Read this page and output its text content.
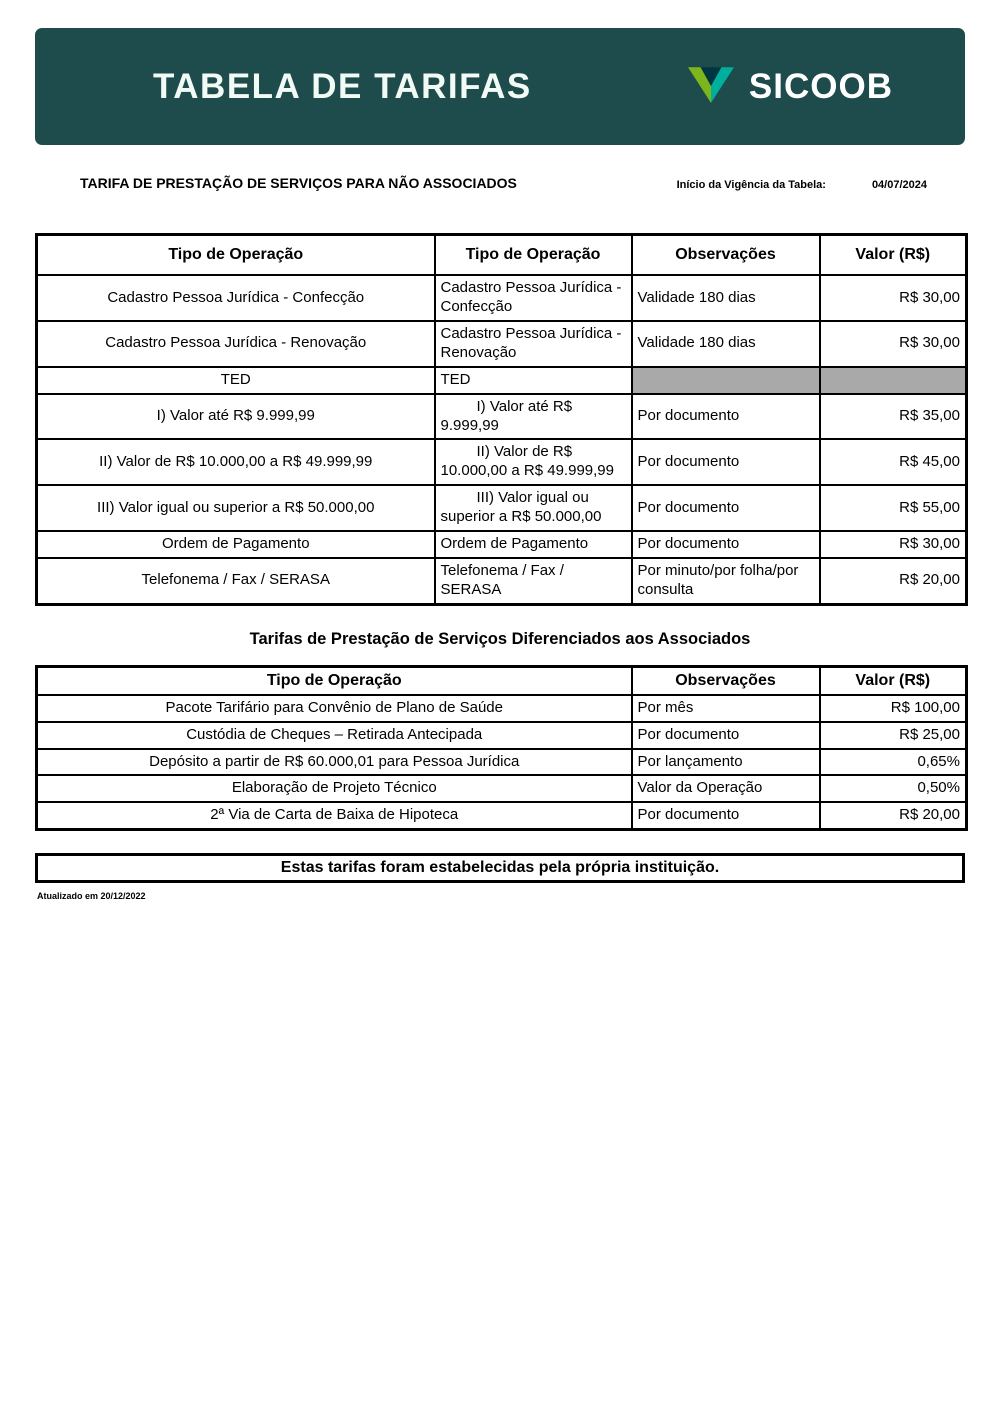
TABELA DE TARIFAS	SICOOB
TARIFA DE PRESTAÇÃO DE SERVIÇOS PARA NÃO ASSOCIADOS	Início da Vigência da Tabela:	04/07/2024
Tipo de Operação	Tipo de Operação	Observações	Valor (R$)
Cadastro Pessoa Jurídica - Confecção	Cadastro Pessoa Jurídica - Confecção	Validade 180 dias	R$ 30,00
Cadastro Pessoa Jurídica - Renovação	Cadastro Pessoa Jurídica - Renovação	Validade 180 dias	R$ 30,00
TED	TED		
I) Valor até R$ 9.999,99	I) Valor até R$ 9.999,99	Por documento	R$ 35,00
II) Valor de R$ 10.000,00 a R$ 49.999,99	II) Valor de R$ 10.000,00 a R$ 49.999,99	Por documento	R$ 45,00
III) Valor igual ou superior a R$ 50.000,00	III) Valor igual ou superior a R$ 50.000,00	Por documento	R$ 55,00
Ordem de Pagamento	Ordem de Pagamento	Por documento	R$ 30,00
Telefonema / Fax / SERASA	Telefonema / Fax / SERASA	Por minuto/por folha/por consulta	R$ 20,00
Tarifas de Prestação de Serviços Diferenciados aos Associados
Tipo de Operação	Observações	Valor (R$)
Pacote Tarifário para Convênio de Plano de Saúde	Por mês	R$ 100,00
Custódia de Cheques – Retirada Antecipada	Por documento	R$ 25,00
Depósito a partir de R$ 60.000,01 para Pessoa Jurídica	Por lançamento	0,65%
Elaboração de Projeto Técnico	Valor da Operação	0,50%
2ª Via de Carta de Baixa de Hipoteca	Por documento	R$ 20,00
Estas tarifas foram estabelecidas pela própria instituição.
Atualizado em 20/12/2022
